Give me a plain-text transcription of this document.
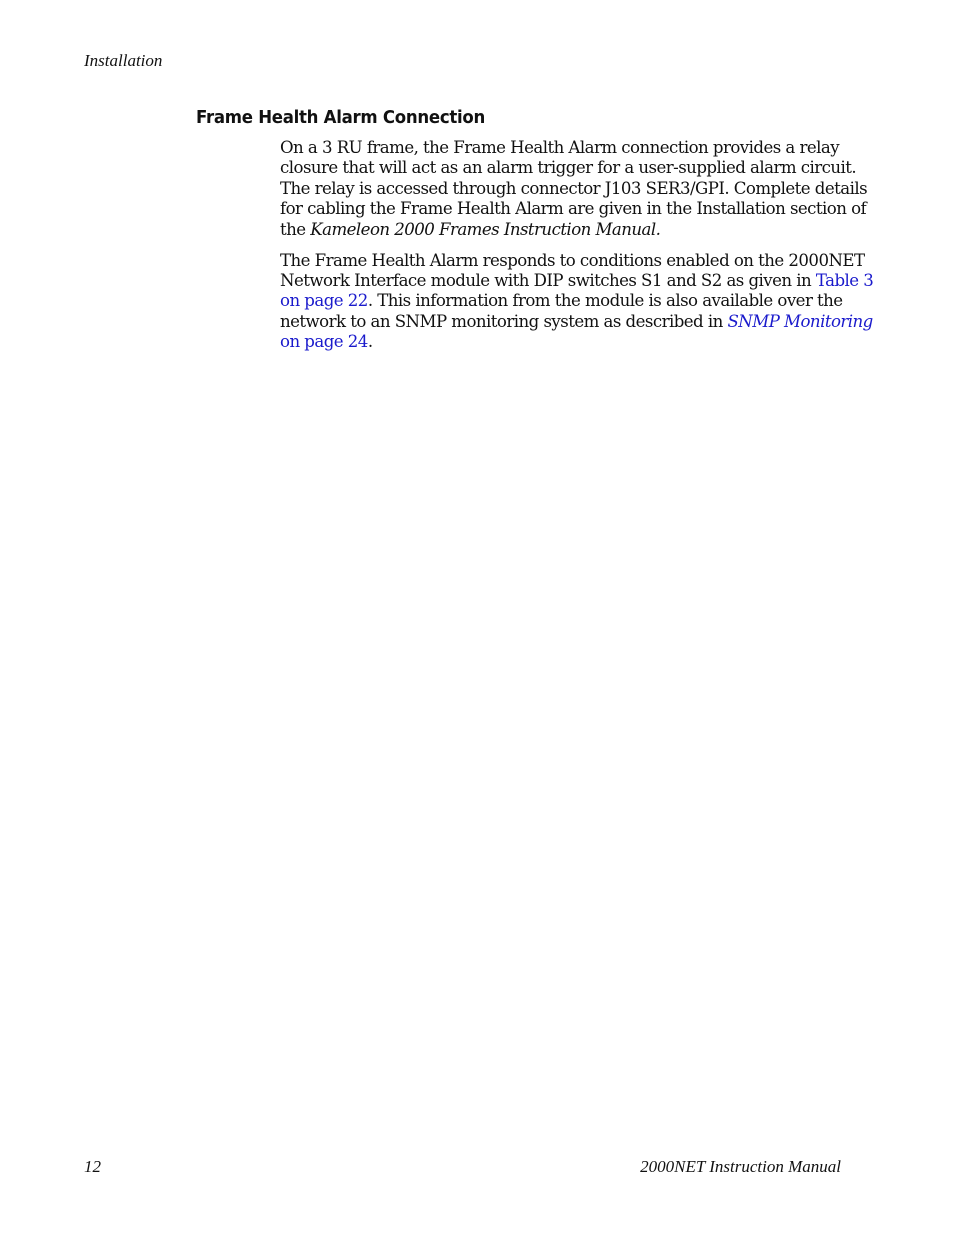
Installation
Frame Health Alarm Connection
On a 3 RU frame, the Frame Health Alarm connection provides a relay
closure that will act as an alarm trigger for a user-supplied alarm circuit.
The relay is accessed through connector J103 SER3/GPI. Complete details
for cabling the Frame Health Alarm are given in the Installation section of
the Kameleon 2000 Frames Instruction Manual.
The Frame Health Alarm responds to conditions enabled on the 2000NET
Network Interface module with DIP switches S1 and S2 as given in Table 3
on page 22. This information from the module is also available over the
network to an SNMP monitoring system as described in SNMP Monitoring
on page 24.
12	2000NET Instruction Manual
